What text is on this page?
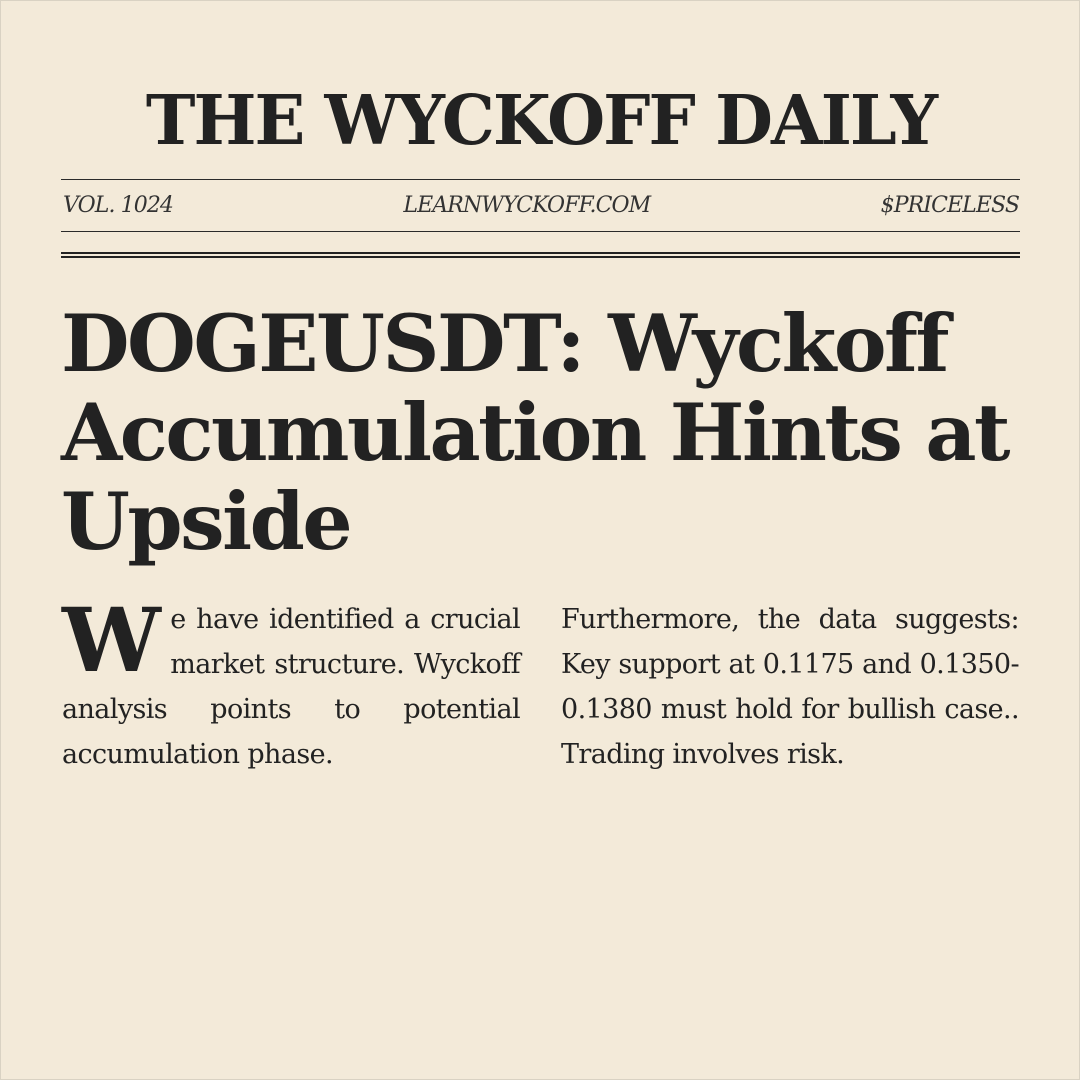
THE WYCKOFF DAILY
VOL. 1024	LEARNWYCKOFF.COM	$PRICELESS
DOGEUSDT: Wyckoff Accumulation Hints at Upside

We have identified a crucial market structure. Wyckoff analysis points to potential accumulation phase.

Furthermore, the data suggests: Key support at 0.1175 and 0.1350-0.1380 must hold for bullish case.. Trading involves risk.
